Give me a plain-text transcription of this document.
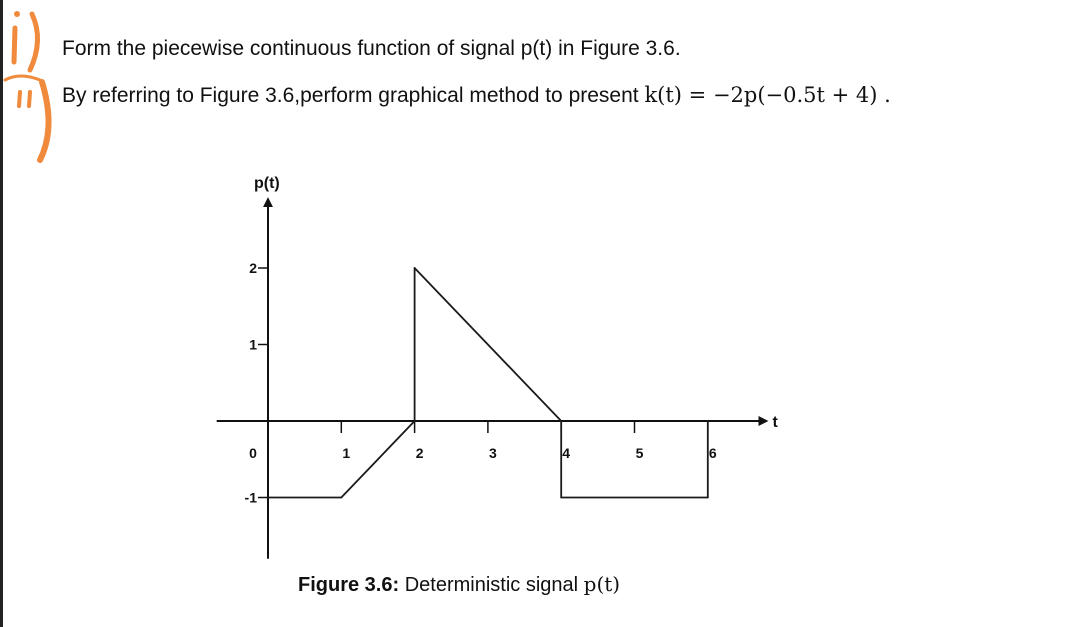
Form the piecewise continuous function of signal p(t) in Figure 3.6.
By referring to Figure 3.6,perform graphical method to present k(t) = −2p(−0.5t + 4) .
p(t)
t
0	1	2	3	4	5	6
2
1
-1
Figure 3.6: Deterministic signal p(t)
